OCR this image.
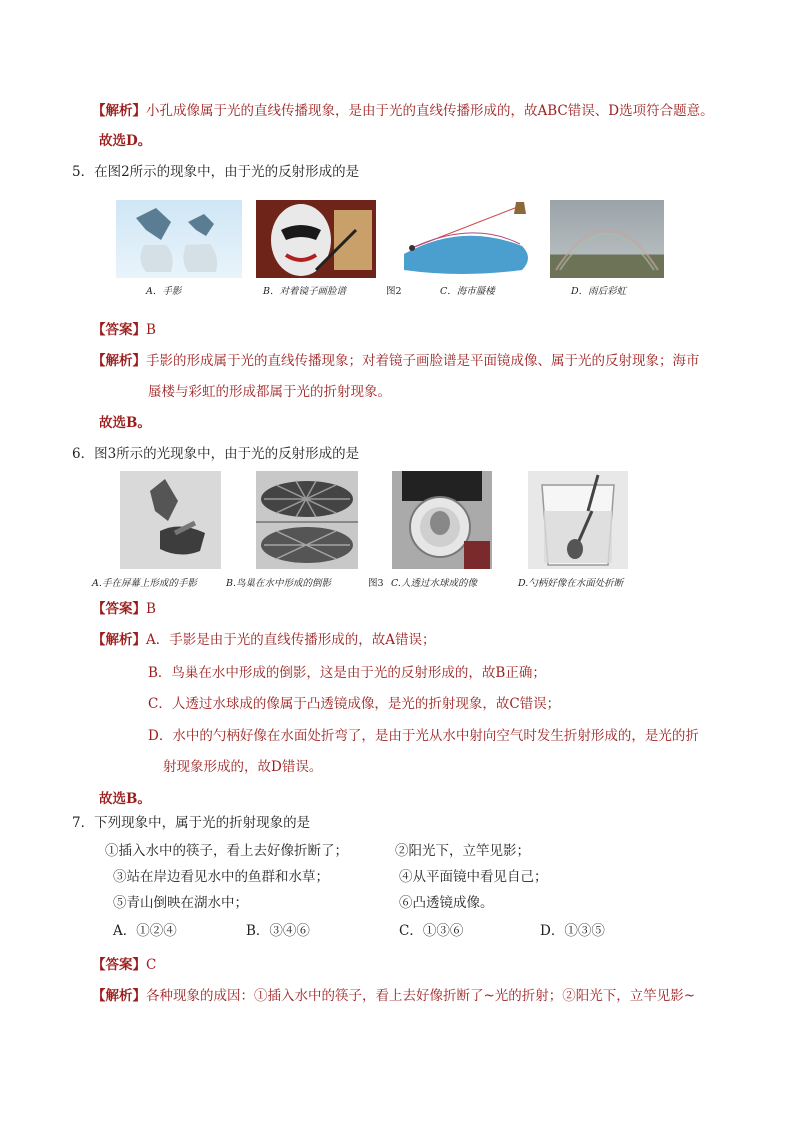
【解析】小孔成像属于光的直线传播现象，是由于光的直线传播形成的，故ABC错误、D选项符合题意。
故选D。
5．在图2所示的现象中，由于光的反射形成的是
A．手影	B．对着镜子画脸谱	图2	C．海市蜃楼	D．雨后彩虹
【答案】B
【解析】手影的形成属于光的直线传播现象；对着镜子画脸谱是平面镜成像、属于光的反射现象；海市
蜃楼与彩虹的形成都属于光的折射现象。
故选B。
6．图3所示的光现象中，由于光的反射形成的是
A.手在屏幕上形成的手影	B.鸟巢在水中形成的倒影	图3 C.人透过水球成的像	D.勺柄好像在水面处折断
【答案】B
【解析】A．手影是由于光的直线传播形成的，故A错误；
B．鸟巢在水中形成的倒影，这是由于光的反射形成的，故B正确；
C．人透过水球成的像属于凸透镜成像，是光的折射现象，故C错误；
D．水中的勺柄好像在水面处折弯了，是由于光从水中射向空气时发生折射形成的，是光的折
射现象形成的，故D错误。
故选B。
7．下列现象中，属于光的折射现象的是
①插入水中的筷子，看上去好像折断了；	②阳光下，立竿见影；
③站在岸边看见水中的鱼群和水草；	④从平面镜中看见自己；
⑤青山倒映在湖水中；	⑥凸透镜成像。
A．①②④	B．③④⑥	C．①③⑥	D．①③⑤
【答案】C
【解析】各种现象的成因：①插入水中的筷子，看上去好像折断了~光的折射；②阳光下，立竿见影~
